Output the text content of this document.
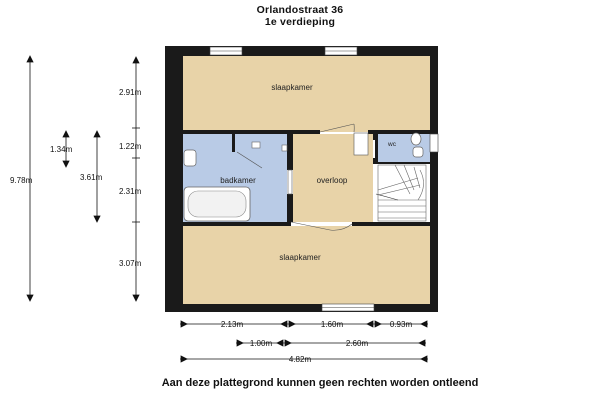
Orlandostraat 36
1e verdieping
slaapkamer
badkamer	overloop
wc
slaapkamer
9.78m
1.34m
3.61m
2.91m
1.22m
2.31m
3.07m
2.13m	1.60m	0.93m
1.00m	2.60m
4.82m
Aan deze plattegrond kunnen geen rechten worden ontleend
